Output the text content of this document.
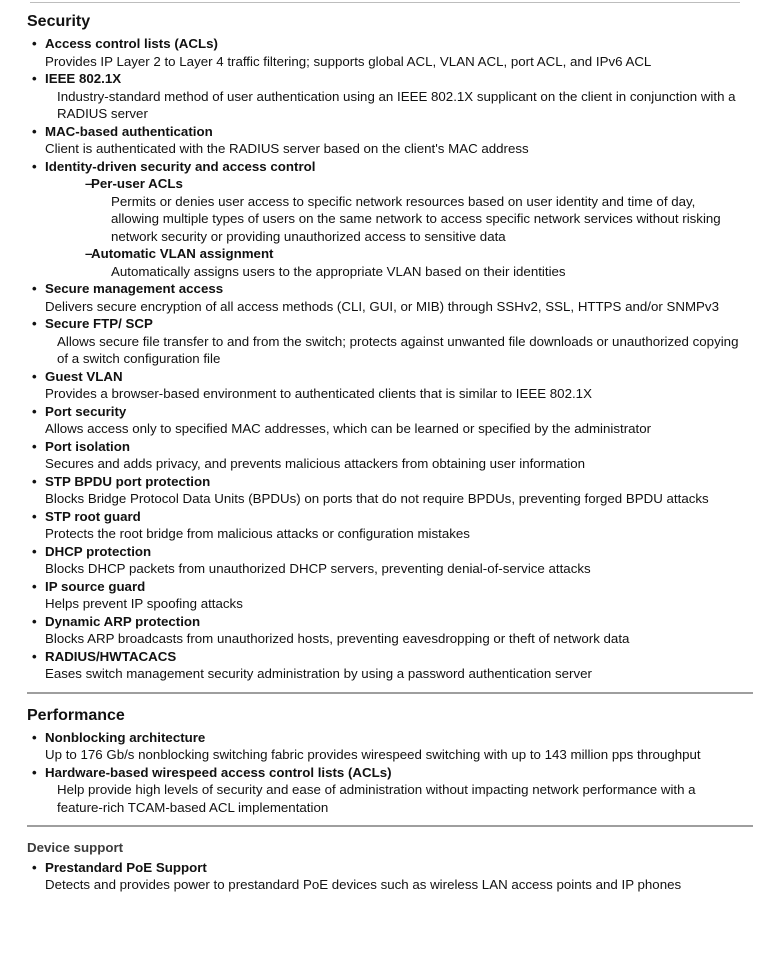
Security
• Access control lists (ACLs)
Provides IP Layer 2 to Layer 4 traffic filtering; supports global ACL, VLAN ACL, port ACL, and IPv6 ACL
• IEEE 802.1X
Industry-standard method of user authentication using an IEEE 802.1X supplicant on the client in conjunction with a RADIUS server
• MAC-based authentication
Client is authenticated with the RADIUS server based on the client's MAC address
• Identity-driven security and access control
–
Per-user ACLs
Permits or denies user access to specific network resources based on user identity and time of day, allowing multiple types of users on the same network to access specific network services without risking network security or providing unauthorized access to sensitive data
–
Automatic VLAN assignment
Automatically assigns users to the appropriate VLAN based on their identities
• Secure management access
Delivers secure encryption of all access methods (CLI, GUI, or MIB) through SSHv2, SSL, HTTPS and/or SNMPv3
• Secure FTP/ SCP
Allows secure file transfer to and from the switch; protects against unwanted file downloads or unauthorized copying of a switch configuration file
• Guest VLAN
Provides a browser-based environment to authenticated clients that is similar to IEEE 802.1X
• Port security
Allows access only to specified MAC addresses, which can be learned or specified by the administrator
• Port isolation
Secures and adds privacy, and prevents malicious attackers from obtaining user information
• STP BPDU port protection
Blocks Bridge Protocol Data Units (BPDUs) on ports that do not require BPDUs, preventing forged BPDU attacks
• STP root guard
Protects the root bridge from malicious attacks or configuration mistakes
• DHCP protection
Blocks DHCP packets from unauthorized DHCP servers, preventing denial-of-service attacks
• IP source guard
Helps prevent IP spoofing attacks
• Dynamic ARP protection
Blocks ARP broadcasts from unauthorized hosts, preventing eavesdropping or theft of network data
• RADIUS/HWTACACS
Eases switch management security administration by using a password authentication server
Performance
• Nonblocking architecture
Up to 176 Gb/s nonblocking switching fabric provides wirespeed switching with up to 143 million pps throughput
• Hardware-based wirespeed access control lists (ACLs)
Help provide high levels of security and ease of administration without impacting network performance with a feature-rich TCAM-based ACL implementation
Device support
• Prestandard PoE Support
Detects and provides power to prestandard PoE devices such as wireless LAN access points and IP phones
